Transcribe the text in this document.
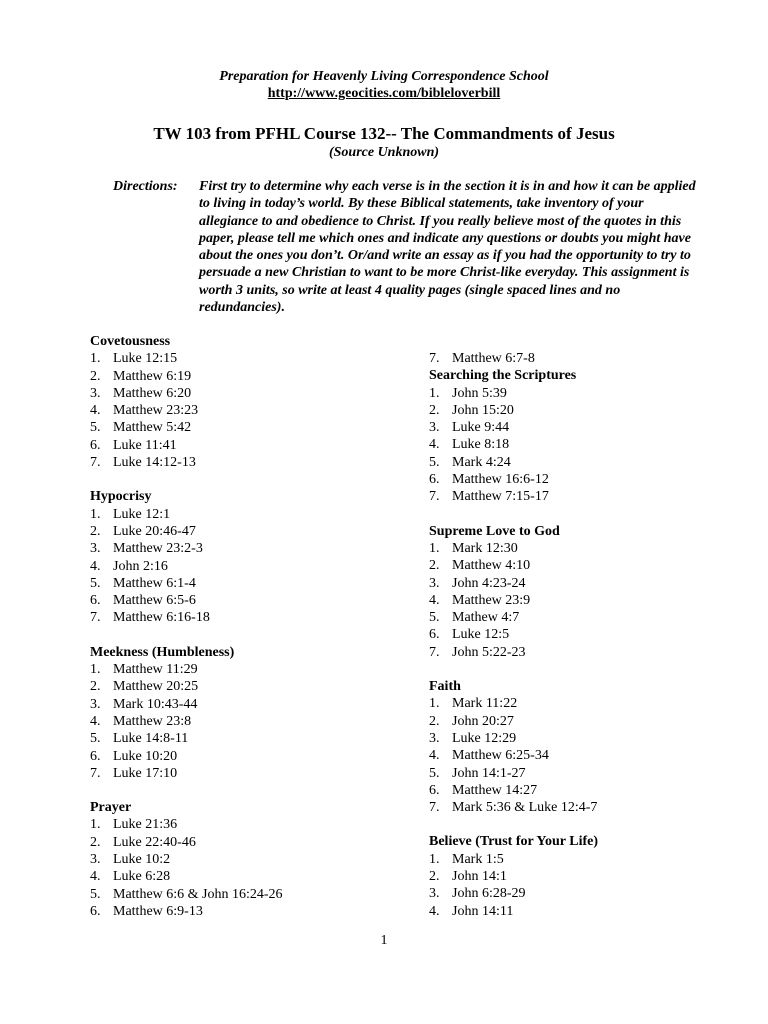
Preparation for Heavenly Living Correspondence School
http://www.geocities.com/bibleloverbill
TW 103 from PFHL Course 132-- The Commandments of Jesus
(Source Unknown)
Directions: First try to determine why each verse is in the section it is in and how it can be applied to living in today’s world. By these Biblical statements, take inventory of your allegiance to and obedience to Christ. If you really believe most of the quotes in this paper, please tell me which ones and indicate any questions or doubts you might have about the ones you don’t. Or/and write an essay as if you had the opportunity to try to persuade a new Christian to want to be more Christ-like everyday. This assignment is worth 3 units, so write at least 4 quality pages (single spaced lines and no redundancies).
Covetousness
1. Luke 12:15
2. Matthew 6:19
3. Matthew 6:20
4. Matthew 23:23
5. Matthew 5:42
6. Luke 11:41
7. Luke 14:12-13
Hypocrisy
1. Luke 12:1
2. Luke 20:46-47
3. Matthew 23:2-3
4. John 2:16
5. Matthew 6:1-4
6. Matthew 6:5-6
7. Matthew 6:16-18
Meekness (Humbleness)
1. Matthew 11:29
2. Matthew 20:25
3. Mark 10:43-44
4. Matthew 23:8
5. Luke 14:8-11
6. Luke 10:20
7. Luke 17:10
Prayer
1. Luke 21:36
2. Luke 22:40-46
3. Luke 10:2
4. Luke 6:28
5. Matthew 6:6 & John 16:24-26
6. Matthew 6:9-13
7. Matthew 6:7-8
Searching the Scriptures
1. John 5:39
2. John 15:20
3. Luke 9:44
4. Luke 8:18
5. Mark 4:24
6. Matthew 16:6-12
7. Matthew 7:15-17
Supreme Love to God
1. Mark 12:30
2. Matthew 4:10
3. John 4:23-24
4. Matthew 23:9
5. Mathew 4:7
6. Luke 12:5
7. John 5:22-23
Faith
1. Mark 11:22
2. John 20:27
3. Luke 12:29
4. Matthew 6:25-34
5. John 14:1-27
6. Matthew 14:27
7. Mark 5:36 & Luke 12:4-7
Believe (Trust for Your Life)
1. Mark 1:5
2. John 14:1
3. John 6:28-29
4. John 14:11
1
